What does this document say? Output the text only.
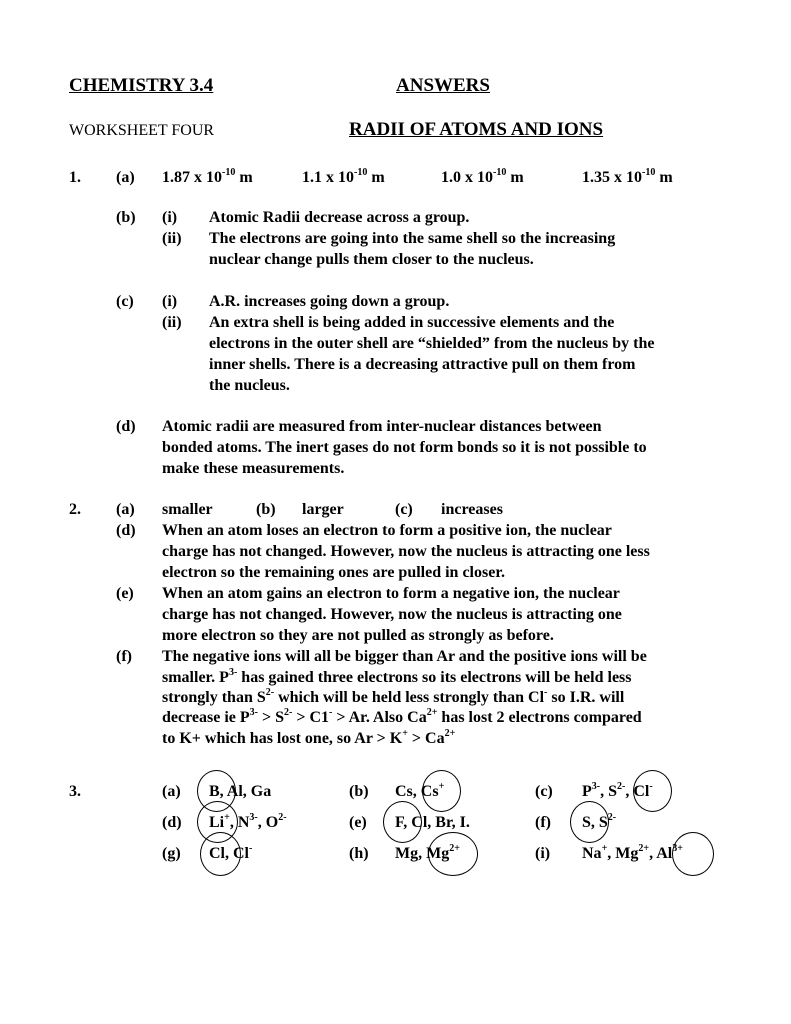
CHEMISTRY 3.4	ANSWERS
WORKSHEET FOUR	RADII OF ATOMS AND IONS
1. (a) 1.87 x $10^{-10}$ m	1.1 x $10^{-10}$ m	1.0 x $10^{-10}$ m	1.35 x $10^{-10}$ m
(b) (i) Atomic Radii decrease across a group.
(ii) The electrons are going into the same shell so the increasing
nuclear change pulls them closer to the nucleus.
(c) (i) A.R. increases going down a group.
(ii) An extra shell is being added in successive elements and the
electrons in the outer shell are “shielded” from the nucleus by the
inner shells. There is a decreasing attractive pull on them from
the nucleus.
(d) Atomic radii are measured from inter-nuclear distances between
bonded atoms. The inert gases do not form bonds so it is not possible to
make these measurements.
2. (a) smaller	(b) larger	(c) increases
(d) When an atom loses an electron to form a positive ion, the nuclear
charge has not changed. However, now the nucleus is attracting one less
electron so the remaining ones are pulled in closer.
(e) When an atom gains an electron to form a negative ion, the nuclear
charge has not changed. However, now the nucleus is attracting one
more electron so they are not pulled as strongly as before.
(f) The negative ions will all be bigger than Ar and the positive ions will be
smaller. $P^{3-}$ has gained three electrons so its electrons will be held less
strongly than $S^{2-}$ which will be held less strongly than Cl- so I.R. will
decrease ie $P^{3-} > S^{2-} > C1^- > Ar$. Also $Ca^{2+}$ has lost 2 electrons compared
to K+ which has lost one, so $Ar > K^+ > Ca^{2+}$
3.	(a) B, Al, Ga	(b) Cs, Cs+	(c) $P^{3-}$, $S^{2-}$, Cl-
(d) Li+, $N^{3-}$, $O^{2-}$	(e) F, Cl, Br, I.	(f) S, $S^{2-}$
(g) Cl, Cl-	(h) Mg, $Mg^{2+}$	(i) Na+, $Mg^{2+}$, $Al^{3+}$
